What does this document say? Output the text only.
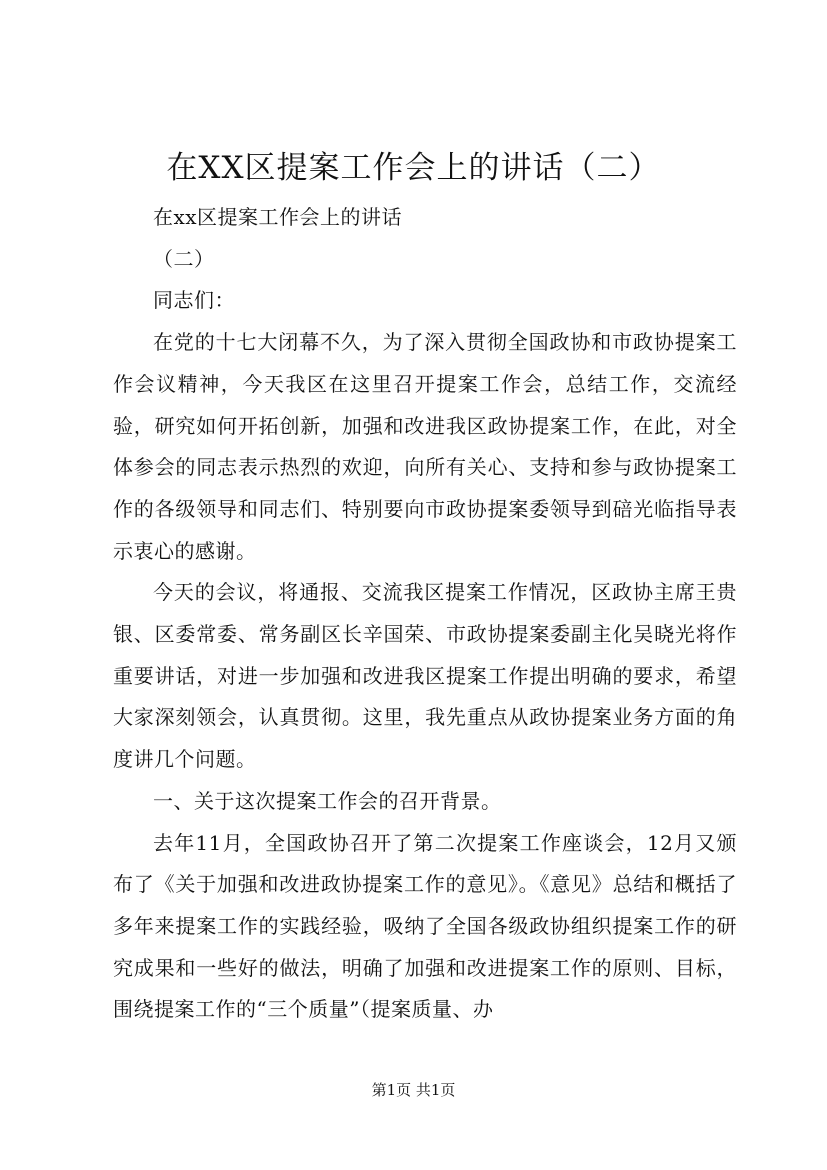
在XX区提案工作会上的讲话（二）

在xx区提案工作会上的讲话

（二）

同志们：

在党的十七大闭幕不久，为了深入贯彻全国政协和市政协提案工作会议精神，今天我区在这里召开提案工作会，总结工作，交流经验，研究如何开拓创新，加强和改进我区政协提案工作，在此，对全体参会的同志表示热烈的欢迎，向所有关心、支持和参与政协提案工作的各级领导和同志们、特别要向市政协提案委领导到碚光临指导表示衷心的感谢。

今天的会议，将通报、交流我区提案工作情况，区政协主席王贵银、区委常委、常务副区长辛国荣、市政协提案委副主化吴晓光将作重要讲话，对进一步加强和改进我区提案工作提出明确的要求，希望大家深刻领会，认真贯彻。这里，我先重点从政协提案业务方面的角度讲几个问题。

一、关于这次提案工作会的召开背景。

去年11月，全国政协召开了第二次提案工作座谈会，12月又颁布了《关于加强和改进政协提案工作的意见》。《意见》总结和概括了多年来提案工作的实践经验，吸纳了全国各级政协组织提案工作的研究成果和一些好的做法，明确了加强和改进提案工作的原则、目标，围绕提案工作的“三个质量”（提案质量、办

第1页 共1页
